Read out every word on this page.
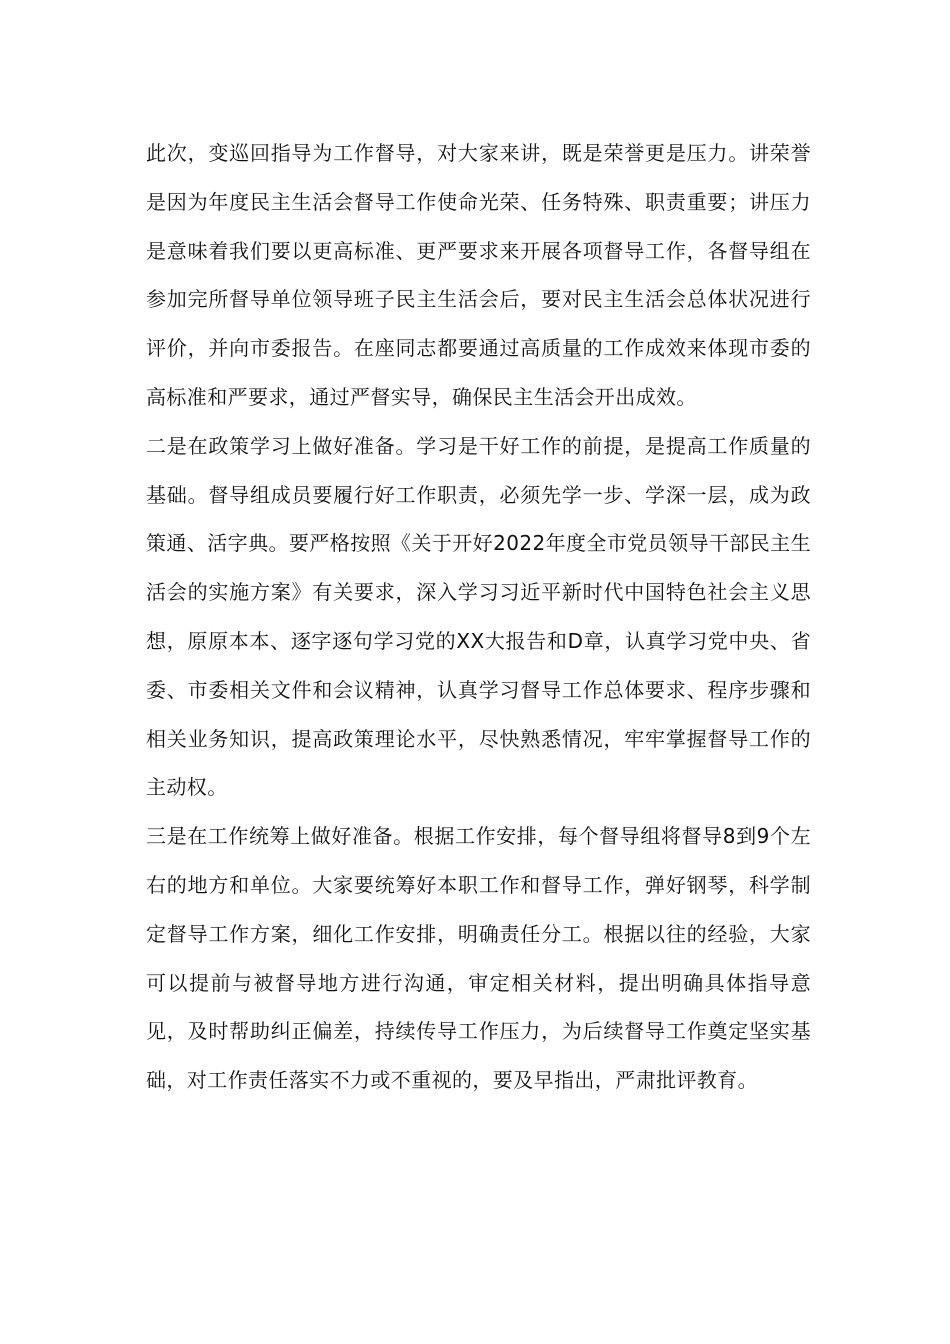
此次，变巡回指导为工作督导，对大家来讲，既是荣誉更是压力。讲荣誉是因为年度民主生活会督导工作使命光荣、任务特殊、职责重要；讲压力是意味着我们要以更高标准、更严要求来开展各项督导工作，各督导组在参加完所督导单位领导班子民主生活会后，要对民主生活会总体状况进行评价，并向市委报告。在座同志都要通过高质量的工作成效来体现市委的高标准和严要求，通过严督实导，确保民主生活会开出成效。

二是在政策学习上做好准备。学习是干好工作的前提，是提高工作质量的基础。督导组成员要履行好工作职责，必须先学一步、学深一层，成为政策通、活字典。要严格按照《关于开好2022年度全市党员领导干部民主生活会的实施方案》有关要求，深入学习习近平新时代中国特色社会主义思想，原原本本、逐字逐句学习党的XX大报告和D章，认真学习党中央、省委、市委相关文件和会议精神，认真学习督导工作总体要求、程序步骤和相关业务知识，提高政策理论水平，尽快熟悉情况，牢牢掌握督导工作的主动权。

三是在工作统筹上做好准备。根据工作安排，每个督导组将督导8到9个左右的地方和单位。大家要统筹好本职工作和督导工作，弹好钢琴，科学制定督导工作方案，细化工作安排，明确责任分工。根据以往的经验，大家可以提前与被督导地方进行沟通，审定相关材料，提出明确具体指导意见，及时帮助纠正偏差，持续传导工作压力，为后续督导工作奠定坚实基础，对工作责任落实不力或不重视的，要及早指出，严肃批评教育。
